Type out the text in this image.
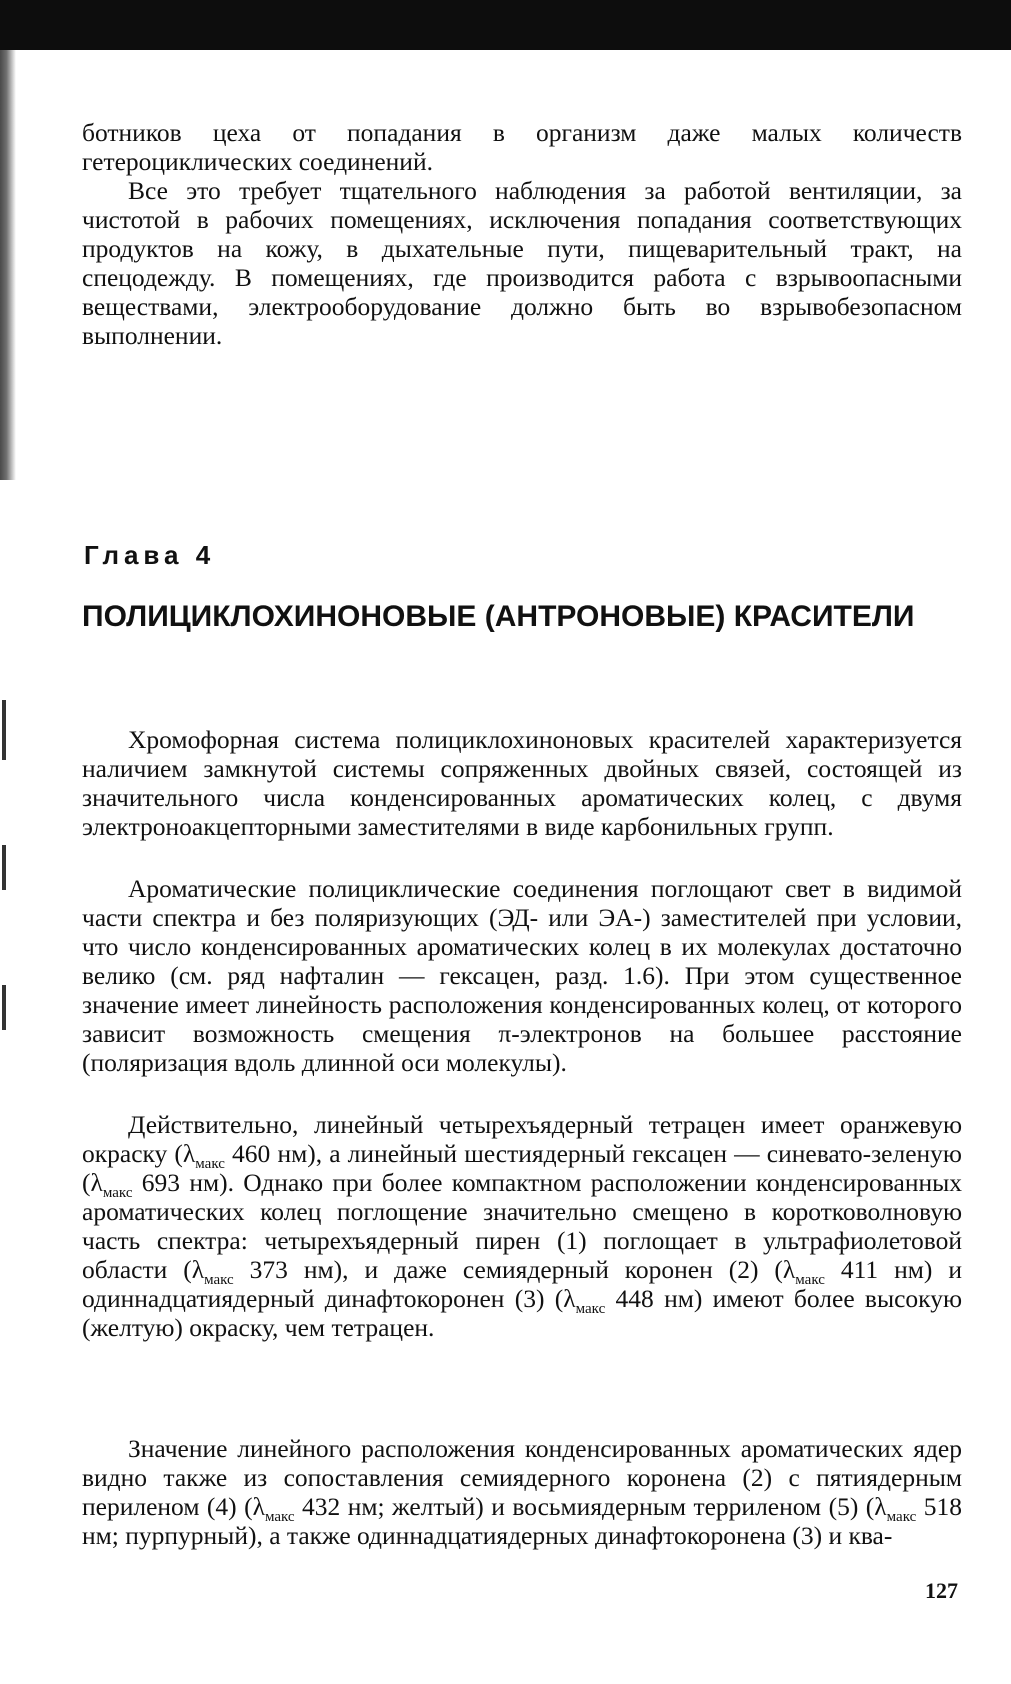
ботников цеха от попадания в организм даже малых количеств гетероциклических соединений.

Все это требует тщательного наблюдения за работой вентиляции, за чистотой в рабочих помещениях, исключения попадания соответствующих продуктов на кожу, в дыхательные пути, пищеварительный тракт, на спецодежду. В помещениях, где производится работа с взрывоопасными веществами, электрооборудование должно быть во взрывобезопасном выполнении.

Глава 4
ПОЛИЦИКЛОХИНОНОВЫЕ (АНТРОНОВЫЕ) КРАСИТЕЛИ

Хромофорная система полициклохиноновых красителей характеризуется наличием замкнутой системы сопряженных двойных связей, состоящей из значительного числа конденсированных ароматических колец, с двумя электроноакцепторными заместителями в виде карбонильных групп.

Ароматические полициклические соединения поглощают свет в видимой части спектра и без поляризующих (ЭД- или ЭА-) заместителей при условии, что число конденсированных ароматических колец в их молекулах достаточно велико (см. ряд нафталин — гексацен, разд. 1.6). При этом существенное значение имеет линейность расположения конденсированных колец, от которого зависит возможность смещения π-электронов на большее расстояние (поляризация вдоль длинной оси молекулы).

Действительно, линейный четырехъядерный тетрацен имеет оранжевую окраску ($\lambda_{макс}$ 460 нм), а линейный шестиядерный гексацен — синевато-зеленую ($\lambda_{макс}$ 693 нм). Однако при более компактном расположении конденсированных ароматических колец поглощение значительно смещено в коротковолновую часть спектра: четырехъядерный пирен (1) поглощает в ультрафиолетовой области ($\lambda_{макс}$ 373 нм), и даже семиядерный коронен (2) ($\lambda_{макс}$ 411 нм) и одиннадцатиядерный динафтокоронен (3) ($\lambda_{макс}$ 448 нм) имеют более высокую (желтую) окраску, чем тетрацен.

Значение линейного расположения конденсированных ароматических ядер видно также из сопоставления семиядерного коронена (2) с пятиядерным периленом (4) ($\lambda_{макс}$ 432 нм; желтый) и восьмиядерным терриленом (5) ($\lambda_{макс}$ 518 нм; пурпурный), а также одиннадцатиядерных динафтокоронена (3) и ква-

127
